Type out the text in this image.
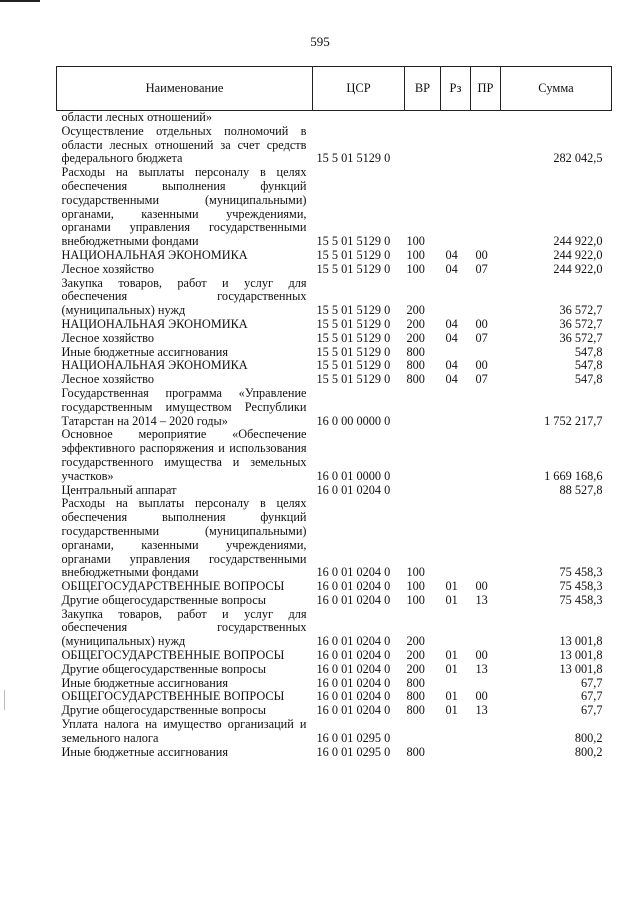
595
Наименование	ЦСР	ВР	Рз	ПР	Сумма
области лесных отношений»					
Осуществление отдельных полномочий в области лесных отношений за счет средств федерального бюджета	15 5 01 5129 0				282 042,5
Расходы на выплаты персоналу в целях обеспечения выполнения функций государственными (муниципальными) органами, казенными учреждениями, органами управления государственными внебюджетными фондами	15 5 01 5129 0	100			244 922,0
НАЦИОНАЛЬНАЯ ЭКОНОМИКА	15 5 01 5129 0	100	04	00	244 922,0
Лесное хозяйство	15 5 01 5129 0	100	04	07	244 922,0
Закупка товаров, работ и услуг для обеспечения государственных (муниципальных) нужд	15 5 01 5129 0	200			36 572,7
НАЦИОНАЛЬНАЯ ЭКОНОМИКА	15 5 01 5129 0	200	04	00	36 572,7
Лесное хозяйство	15 5 01 5129 0	200	04	07	36 572,7
Иные бюджетные ассигнования	15 5 01 5129 0	800			547,8
НАЦИОНАЛЬНАЯ ЭКОНОМИКА	15 5 01 5129 0	800	04	00	547,8
Лесное хозяйство	15 5 01 5129 0	800	04	07	547,8
Государственная программа «Управление государственным имуществом Республики Татарстан на 2014 – 2020 годы»	16 0 00 0000 0				1 752 217,7
Основное мероприятие «Обеспечение эффективного распоряжения и использования государственного имущества и земельных участков»	16 0 01 0000 0				1 669 168,6
Центральный аппарат	16 0 01 0204 0				88 527,8
Расходы на выплаты персоналу в целях обеспечения выполнения функций государственными (муниципальными) органами, казенными учреждениями, органами управления государственными внебюджетными фондами	16 0 01 0204 0	100			75 458,3
ОБЩЕГОСУДАРСТВЕННЫЕ ВОПРОСЫ	16 0 01 0204 0	100	01	00	75 458,3
Другие общегосударственные вопросы	16 0 01 0204 0	100	01	13	75 458,3
Закупка товаров, работ и услуг для обеспечения государственных (муниципальных) нужд	16 0 01 0204 0	200			13 001,8
ОБЩЕГОСУДАРСТВЕННЫЕ ВОПРОСЫ	16 0 01 0204 0	200	01	00	13 001,8
Другие общегосударственные вопросы	16 0 01 0204 0	200	01	13	13 001,8
Иные бюджетные ассигнования	16 0 01 0204 0	800			67,7
ОБЩЕГОСУДАРСТВЕННЫЕ ВОПРОСЫ	16 0 01 0204 0	800	01	00	67,7
Другие общегосударственные вопросы	16 0 01 0204 0	800	01	13	67,7
Уплата налога на имущество организаций и земельного налога	16 0 01 0295 0				800,2
Иные бюджетные ассигнования	16 0 01 0295 0	800			800,2
